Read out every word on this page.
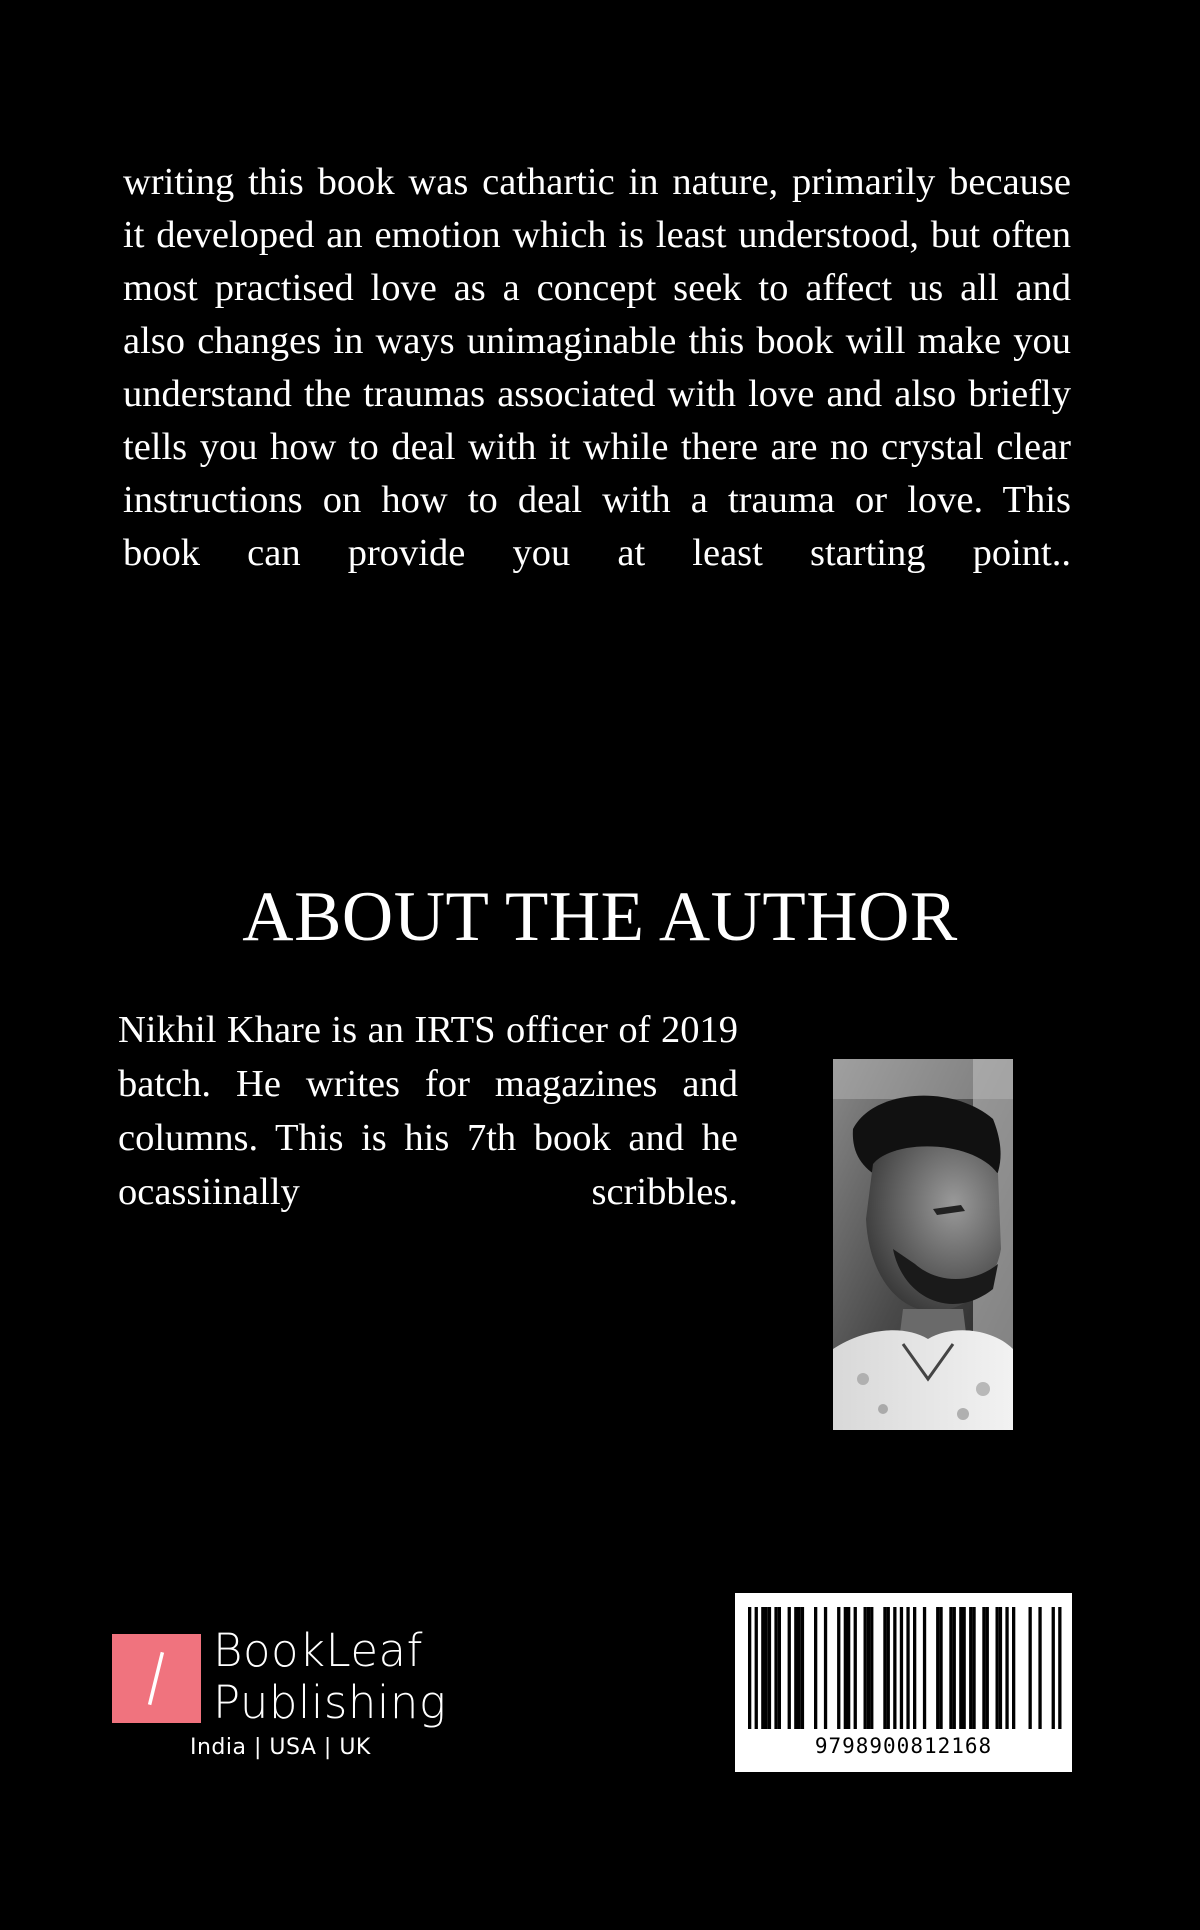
writing this book was cathartic in nature, primarily because it developed an emotion which is least understood, but often most practised love as a concept seek to affect us all and also changes in ways unimaginable this book will make you understand the traumas associated with love and also briefly tells you how to deal with it while there are no crystal clear instructions on how to deal with a trauma or love. This book can provide you at least starting point..
ABOUT THE AUTHOR
Nikhil Khare is an IRTS officer of 2019 batch. He writes for magazines and columns. This is his 7th book and he ocassiinally scribbles.
BookLeaf
Publishing
India | USA | UK	9798900812168
